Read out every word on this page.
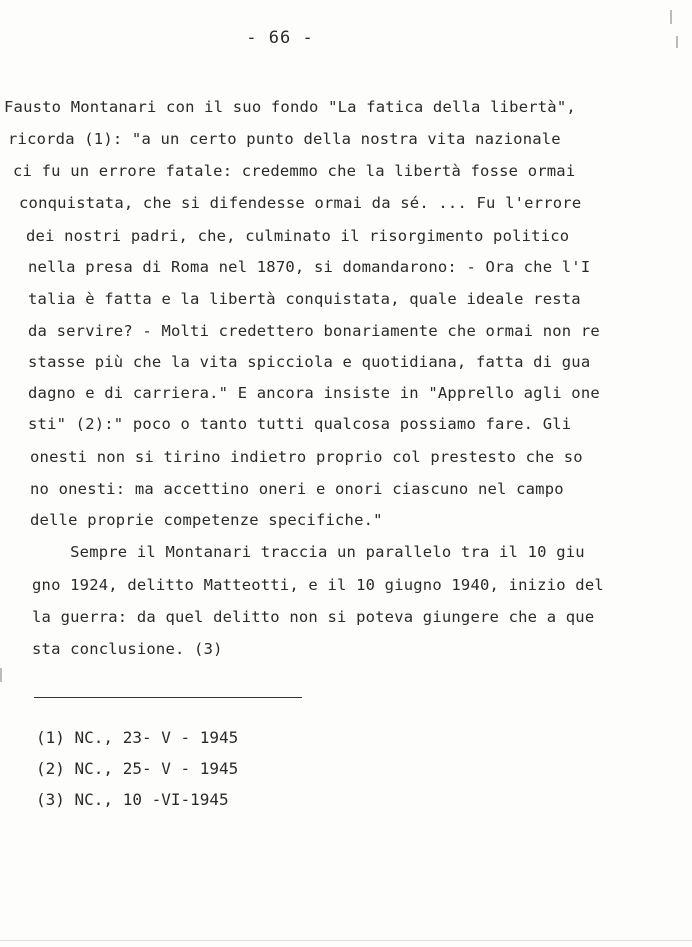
- 66 -
Fausto Montanari con il suo fondo "La fatica della libertà",
ricorda (1): "a un certo punto della nostra vita nazionale
ci fu un errore fatale: credemmo che la libertà fosse ormai
conquistata, che si difendesse ormai da sé. ... Fu l'errore
dei nostri padri, che, culminato il risorgimento politico
nella presa di Roma nel 1870, si domandarono: - Ora che l'I
talia è fatta e la libertà conquistata, quale ideale resta
da servire? - Molti credettero bonariamente che ormai non re
stasse più che la vita spicciola e quotidiana, fatta di gua
dagno e di carriera." E ancora insiste in "Apprello agli one
sti" (2):" poco o tanto tutti qualcosa possiamo fare. Gli
onesti non si tirino indietro proprio col prestesto che so
no onesti: ma accettino oneri e onori ciascuno nel campo
delle proprie competenze specifiche."
Sempre il Montanari traccia un parallelo tra il 10 giu
gno 1924, delitto Matteotti, e il 10 giugno 1940, inizio del
la guerra: da quel delitto non si poteva giungere che a que
sta conclusione. (3)
(1) NC., 23- V - 1945
(2) NC., 25- V - 1945
(3) NC., 10 -VI-1945
